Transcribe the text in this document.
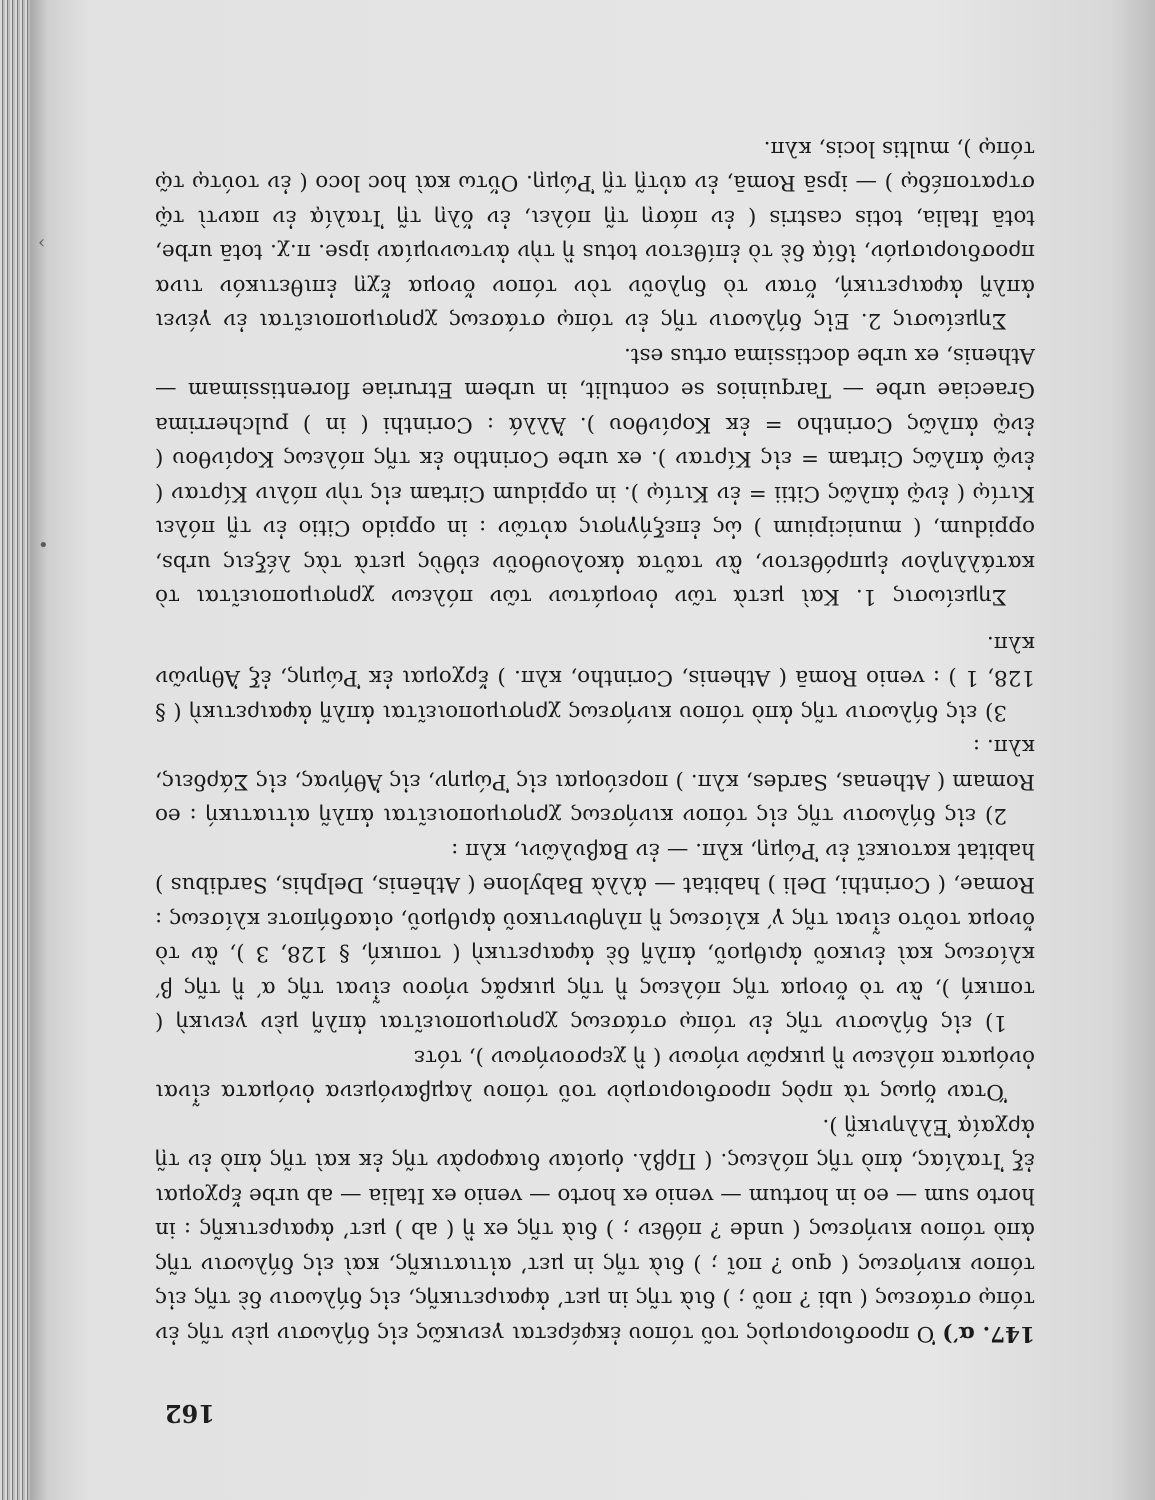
162

147. α′) Ὁ προσδιορισμὸς τοῦ τόπου ἐκφέρεται γενικῶς εἰς δήλωσιν μὲν τῆς ἐν τόπῳ στάσεως ( ubi ? ποῦ ; ) διὰ τῆς in μετ’ ἀφαιρετικῆς, εἰς δήλωσιν δὲ τῆς εἰς τόπον κινήσεως ( quo ? ποῖ ; ) διὰ τῆς in μετ’ αἰτιατικῆς, καὶ εἰς δήλωσιν τῆς ἀπὸ τόπου κινήσεως ( unde ? πόθεν ; ) διὰ τῆς ex ἢ ( ab ) μετ’ ἀφαιρετικῆς : in horto sum — eo in hortum — venio ex horto — venio ex Italia — ab urbe ἔρχομαι ἐξ Ἰταλίας, ἀπὸ τῆς πόλεως. ( Πρβλ. ὁμοίαν διαφορὰν τῆς ἐκ καὶ τῆς ἀπὸ ἐν τῇ ἀρχαίᾳ Ἑλληνικῇ ).

Ὅταν ὅμως τὰ πρὸς προσδιορισμὸν τοῦ τόπου λαμβανόμενα ὀνόματα εἶναι ὀνόματα πόλεων ἢ μικρῶν νήσων ( ἢ χερσονήσων ), τότε

1) εἰς δήλωσιν τῆς ἐν τόπῳ στάσεως χρησιμοποιεῖται ἁπλῆ μὲν γενικὴ ( τοπική ), ἂν τὸ ὄνομα τῆς πόλεως ἢ τῆς μικρᾶς νήσου εἶναι τῆς α′ ἢ τῆς β′ κλίσεως καὶ ἑνικοῦ ἀριθμοῦ, ἁπλῆ δὲ ἀφαιρετικὴ ( τοπική, § 128, 3 ), ἂν τὸ ὄνομα τοῦτο εἶναι τῆς γ′ κλίσεως ἢ πληθυντικοῦ ἀριθμοῦ, οἱασδήποτε κλίσεως : Romae, ( Corinthi, Deli ) habitat — ἀλλὰ Babylone ( Athēnis, Delphis, Sardibus ) habitat κατοικεῖ ἐν Ῥώμῃ, κλπ. — ἐν Βαβυλῶνι, κλπ :

2) εἰς δήλωσιν τῆς εἰς τόπον κινήσεως χρησιμοποιεῖται ἁπλῆ αἰτιατική : eo Romam ( Athenas, Sardes, κλπ. ) πορεύομαι εἰς Ῥώμην, εἰς Ἀθήνας, εἰς Σάρδεις, κλπ. :

3) εἰς δήλωσιν τῆς ἀπὸ τόπου κινήσεως χρησιμοποιεῖται ἁπλῆ ἀφαιρετικὴ ( § 128, 1 ) : venio Romā ( Athenis, Corintho, κλπ. ) ἔρχομαι ἐκ Ῥώμης, ἐξ Ἀθηνῶν κλπ.

Σημείωσις 1. Καὶ μετὰ τῶν ὀνομάτων τῶν πόλεων χρησιμοποιεῖται τὸ κατάλληλον ἐμπρόθετον, ἂν ταῦτα ἀκολουθοῦν εὐθὺς μετὰ τὰς λέξεις urbs, oppidum, ( municipium ) ὡς ἐπεξήγησις αὐτῶν : in oppido Citio ἐν τῇ πόλει Κιτίῳ ( ἐνῷ ἁπλῶς Citii = ἐν Κιτίῳ ). in oppidum Cirtam εἰς τὴν πόλιν Κίρταν ( ἐνῷ ἁπλῶς Cirtam = εἰς Κίρταν ). ex urbe Corintho ἐκ τῆς πόλεως Κορίνθου ( ἐνῷ ἁπλῶς Corintho = ἐκ Κορίνθου ). Ἀλλά : Corinthi ( in ) pulcherrima Graeciae urbe — Tarquinios se contulit, in urbem Etruriae florentissimam — Athenis, ex urbe doctissima ortus est.

Σημείωσις 2. Εἰς δήλωσιν τῆς ἐν τόπῳ στάσεως χρησιμοποιεῖται ἐν γένει ἁπλῆ ἀφαιρετική, ὅταν τὸ δηλοῦν τὸν τόπον ὄνομα ἔχῃ ἐπιθετικόν τινα προσδιορισμόν, ἰδίᾳ δὲ τὸ ἐπίθετον totus ἢ τὴν ἀντωνυμίαν ipse. π.χ. totā urbe, totā Italia, totis castris ( ἐν πάσῃ τῇ πόλει, ἐν ὅλῃ τῇ Ἰταλίᾳ ἐν παντὶ τῷ στρατοπέδῳ ) — ipsā Romā, ἐν αὐτῇ τῇ Ῥώμῃ. Οὕτω καὶ hoc loco ( ἐν τούτῳ τῷ τόπῳ ), multis locis, κλπ.

‹
•
